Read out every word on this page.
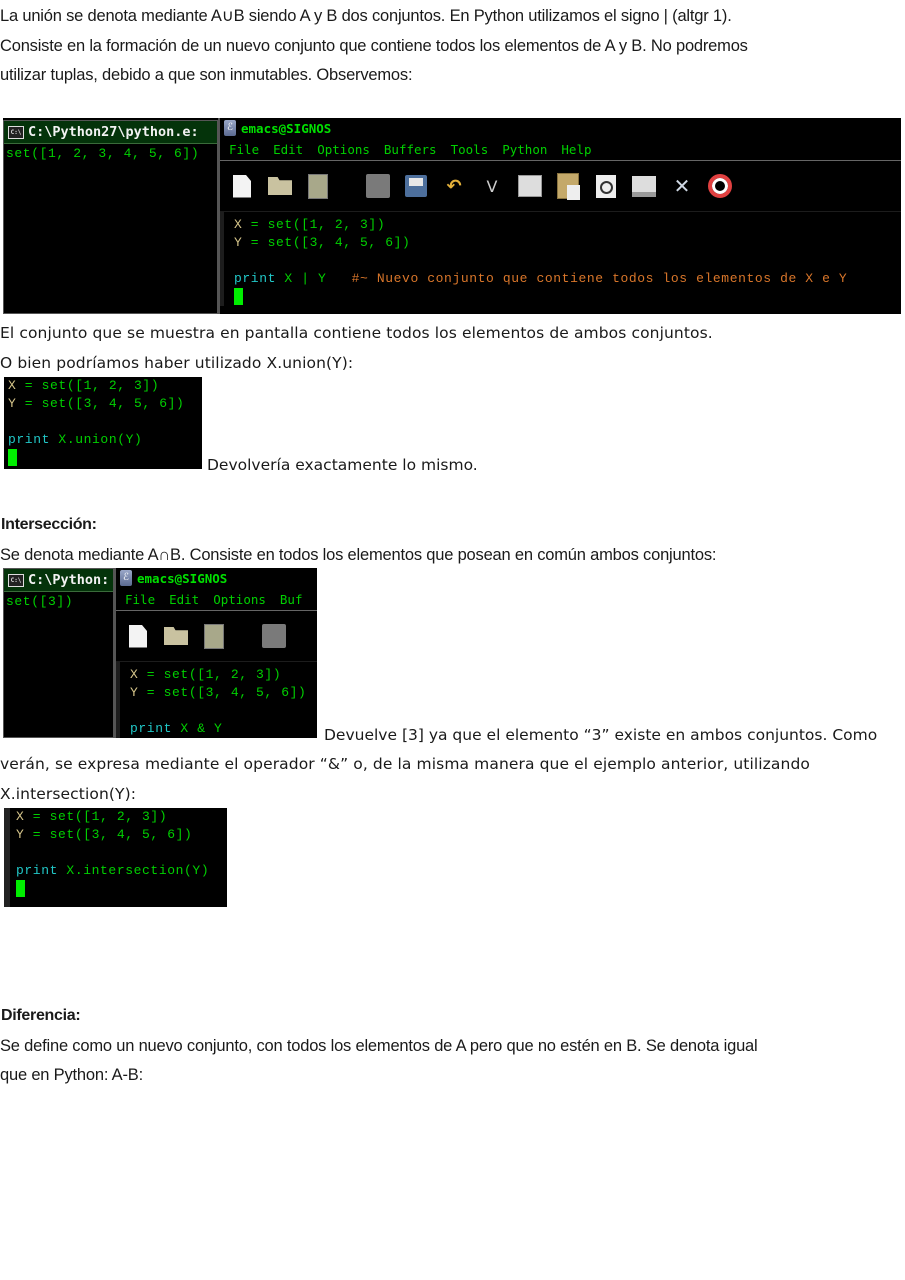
La unión se denota mediante A∪B siendo A y B dos conjuntos. En Python utilizamos el signo | (altgr 1).
Consiste en la formación de un nuevo conjunto que contiene todos los elementos de A y B. No podremos
utilizar tuplas, debido a que son inmutables. Observemos:
C:\ C:\Python27\python.e:
set([1, 2, 3, 4, 5, 6])
ℰ emacs@SIGNOS
File Edit Options Buffers Tools Python Help
↶	V	✕
X = set([1, 2, 3])
Y = set([3, 4, 5, 6])
print X | Y   #~ Nuevo conjunto que contiene todos los elementos de X e Y
El conjunto que se muestra en pantalla contiene todos los elementos de ambos conjuntos.
O bien podríamos haber utilizado X.union(Y):
X = set([1, 2, 3])
Y = set([3, 4, 5, 6])
print X.union(Y)
Devolvería exactamente lo mismo.
Intersección:
Se denota mediante A∩B. Consiste en todos los elementos que posean en común ambos conjuntos:
C:\ C:\Python:
set([3])
ℰ emacs@SIGNOS
File Edit Options Buf
X = set([1, 2, 3])
Y = set([3, 4, 5, 6])
print X & Y	Devuelve [3] ya que el elemento “3” existe en ambos conjuntos. Como
verán, se expresa mediante el operador “&” o, de la misma manera que el ejemplo anterior, utilizando
X.intersection(Y):
X = set([1, 2, 3])
Y = set([3, 4, 5, 6])
print X.intersection(Y)
Diferencia:
Se define como un nuevo conjunto, con todos los elementos de A pero que no estén en B. Se denota igual
que en Python: A-B:
